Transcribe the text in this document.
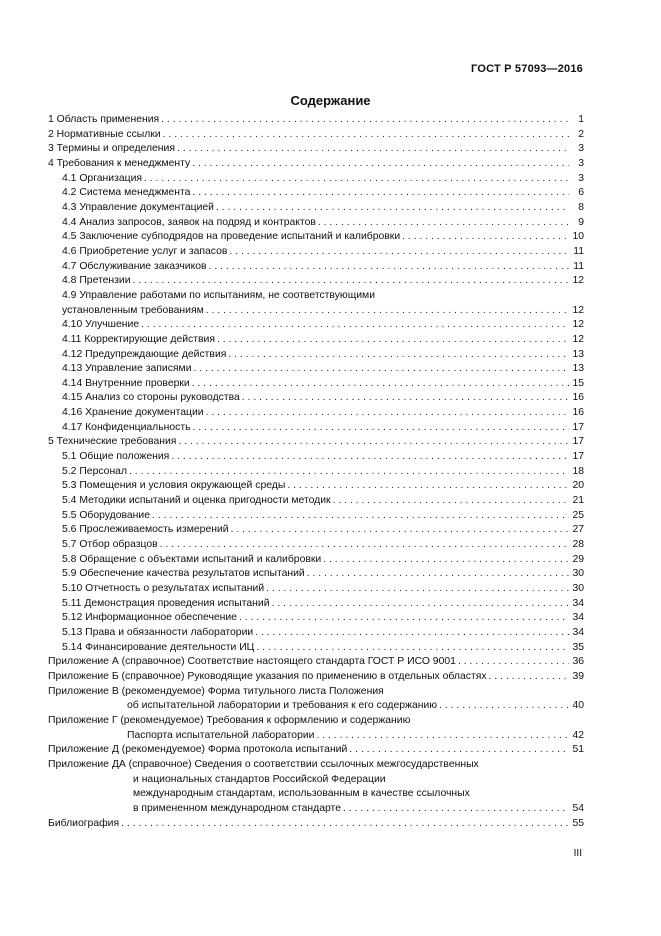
ГОСТ Р 57093—2016
Содержание
1 Область применения . . .	1
2 Нормативные ссылки . . .	2
3 Термины и определения . . .	3
4 Требования к менеджменту . . .	3
4.1 Организация . . .	3
4.2 Система менеджмента . . .	6
4.3 Управление документацией . . .	8
4.4 Анализ запросов, заявок на подряд и контрактов . . .	9
4.5 Заключение субподрядов на проведение испытаний и калибровки . . .	10
4.6 Приобретение услуг и запасов . . .	11
4.7 Обслуживание заказчиков . . .	11
4.8 Претензии . . .	12
4.9 Управление работами по испытаниям, не соответствующими
установленным требованиям . . .	12
4.10 Улучшение . . .	12
4.11 Корректирующие действия . . .	12
4.12 Предупреждающие действия . . .	13
4.13 Управление записями . . .	13
4.14 Внутренние проверки . . .	15
4.15 Анализ со стороны руководства . . .	16
4.16 Хранение документации . . .	16
4.17 Конфиденциальность . . .	17
5 Технические требования . . .	17
5.1 Общие положения . . .	17
5.2 Персонал . . .	18
5.3 Помещения и условия окружающей среды . . .	20
5.4 Методики испытаний и оценка пригодности методик . . .	21
5.5 Оборудование . . .	25
5.6 Прослеживаемость измерений . . .	27
5.7 Отбор образцов . . .	28
5.8 Обращение с объектами испытаний и калибровки . . .	29
5.9 Обеспечение качества результатов испытаний . . .	30
5.10 Отчетность о результатах испытаний . . .	30
5.11 Демонстрация проведения испытаний . . .	34
5.12 Информационное обеспечение . . .	34
5.13 Права и обязанности лаборатории . . .	34
5.14 Финансирование деятельности ИЦ . . .	35
Приложение А (справочное) Соответствие настоящего стандарта ГОСТ Р ИСО 9001 . . .	36
Приложение Б (справочное) Руководящие указания по применению в отдельных областях . . .	39
Приложение В (рекомендуемое) Форма титульного листа Положения
об испытательной лаборатории и требования к его содержанию . . .	40
Приложение Г (рекомендуемое) Требования к оформлению и содержанию
Паспорта испытательной лаборатории . . .	42
Приложение Д (рекомендуемое) Форма протокола испытаний . . .	51
Приложение ДА (справочное) Сведения о соответствии ссылочных межгосударственных
и национальных стандартов Российской Федерации
международным стандартам, использованным в качестве ссылочных
в примененном международном стандарте . . .	54
Библиография . . .	55
III
